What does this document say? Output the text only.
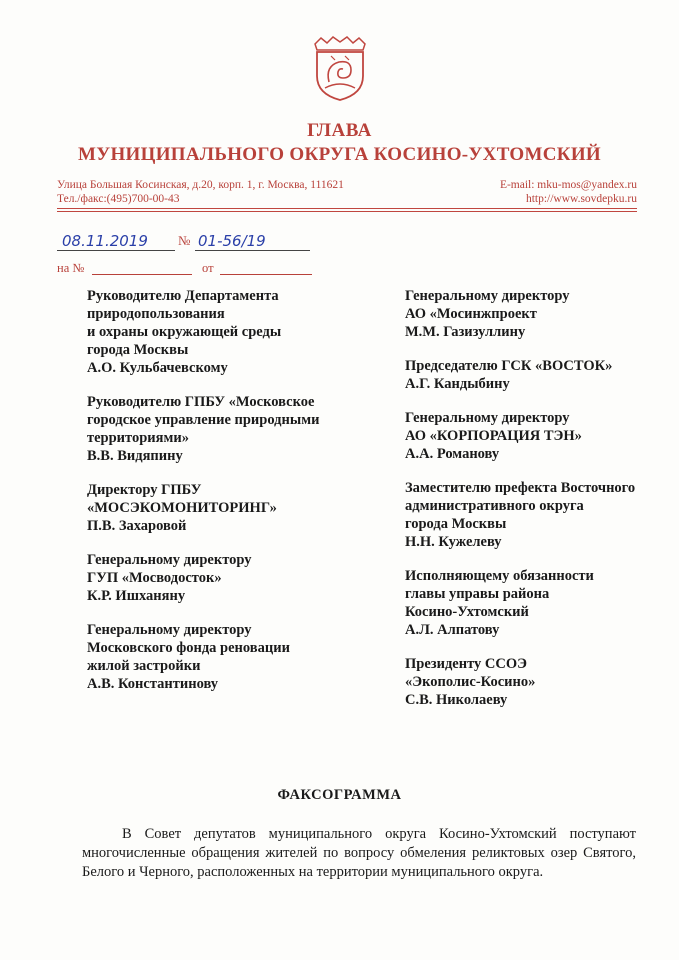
ГЛАВА
МУНИЦИПАЛЬНОГО ОКРУГА КОСИНО-УХТОМСКИЙ
Улица Большая Косинская, д.20, корп. 1, г. Москва, 111621
Тел./факс:(495)700-00-43
E-mail: mku-mos@yandex.ru
http://www.sovdepku.ru
08.11.2019 № 01-56/19
на №	от
Руководителю Департамента
природопользования
и охраны окружающей среды
города Москвы
А.О. Кульбачевскому
Руководителю ГПБУ «Московское
городское управление природными
территориями»
В.В. Видяпину
Директору ГПБУ
«МОСЭКОМОНИТОРИНГ»
П.В. Захаровой
Генеральному директору
ГУП «Мосводосток»
К.Р. Ишханяну
Генеральному директору
Московского фонда реновации
жилой застройки
А.В. Константинову
Генеральному директору
АО «Мосинжпроект
М.М. Газизуллину
Председателю ГСК «ВОСТОК»
А.Г. Кандыбину
Генеральному директору
АО «КОРПОРАЦИЯ ТЭН»
А.А. Романову
Заместителю префекта Восточного
административного округа
города Москвы
Н.Н. Кужелеву
Исполняющему обязанности
главы управы района
Косино-Ухтомский
А.Л. Алпатову
Президенту ССОЭ
«Экополис-Косино»
С.В. Николаеву
ФАКСОГРАММА
В Совет депутатов муниципального округа Косино-Ухтомский поступают многочисленные обращения жителей по вопросу обмеления реликтовых озер Святого, Белого и Черного, расположенных на территории муниципального округа.
